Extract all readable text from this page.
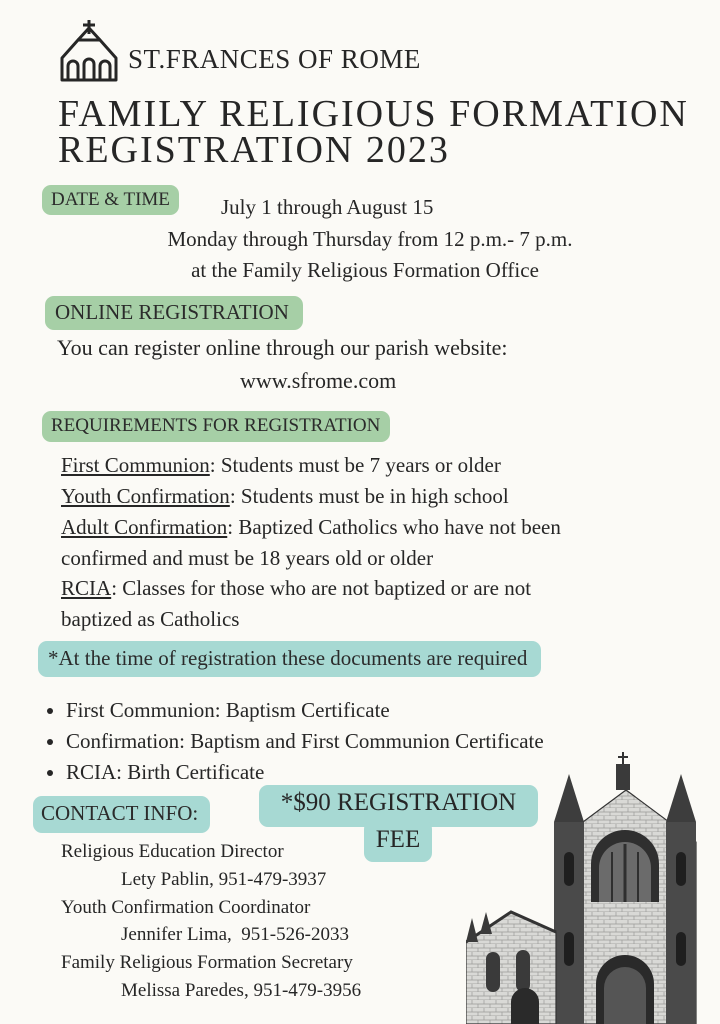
ST.FRANCES OF ROME
FAMILY RELIGIOUS FORMATION
REGISTRATION 2023
DATE & TIME	July 1 through August 15
Monday through Thursday from 12 p.m.- 7 p.m.
at the Family Religious Formation Office
ONLINE REGISTRATION
You can register online through our parish website:
www.sfrome.com
REQUIREMENTS FOR REGISTRATION
First Communion: Students must be 7 years or older
Youth Confirmation: Students must be in high school
Adult Confirmation: Baptized Catholics who have not been
confirmed and must be 18 years old or older
RCIA: Classes for those who are not baptized or are not
baptized as Catholics
*At the time of registration these documents are required
• First Communion: Baptism Certificate
• Confirmation: Baptism and First Communion Certificate
• RCIA: Birth Certificate
CONTACT INFO:	*$90 REGISTRATION
FEE
Religious Education Director
Lety Pablin, 951-479-3937
Youth Confirmation Coordinator
Jennifer Lima,  951-526-2033
Family Religious Formation Secretary
Melissa Paredes, 951-479-3956
